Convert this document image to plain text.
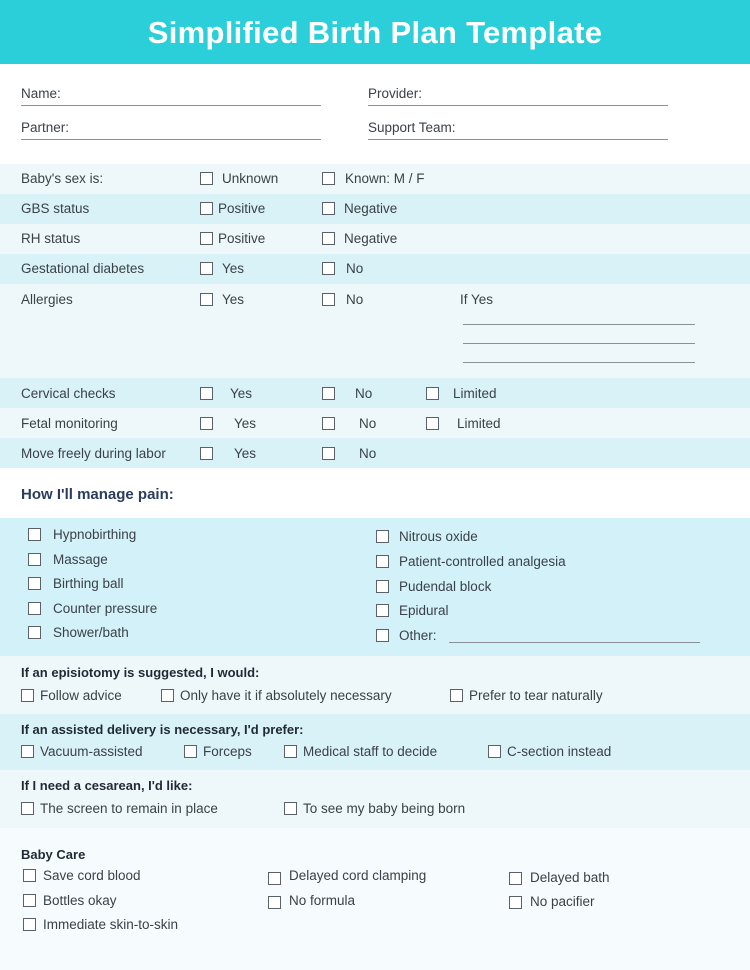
Simplified Birth Plan Template
Name:	Provider:
Partner:	Support Team:
Baby's sex is:	Unknown	Known: M / F
GBS status	Positive	Negative
RH status	Positive	Negative
Gestational diabetes	Yes	No
Allergies	Yes	No	If Yes
Cervical checks	Yes	No	Limited
Fetal monitoring	Yes	No	Limited
Move freely during labor	Yes	No
How I'll manage pain:
Hypnobirthing
Massage
Birthing ball
Counter pressure
Shower/bath
Nitrous oxide
Patient-controlled analgesia
Pudendal block
Epidural
Other:
If an episiotomy is suggested, I would:
Follow advice	Only have it if absolutely necessary	Prefer to tear naturally
If an assisted delivery is necessary, I'd prefer:
Vacuum-assisted	Forceps	Medical staff to decide	C-section instead
If I need a cesarean, I'd like:
The screen to remain in place	To see my baby being born
Baby Care
Save cord blood
Bottles okay
Immediate skin-to-skin
Delayed cord clamping
No formula
Delayed bath
No pacifier
